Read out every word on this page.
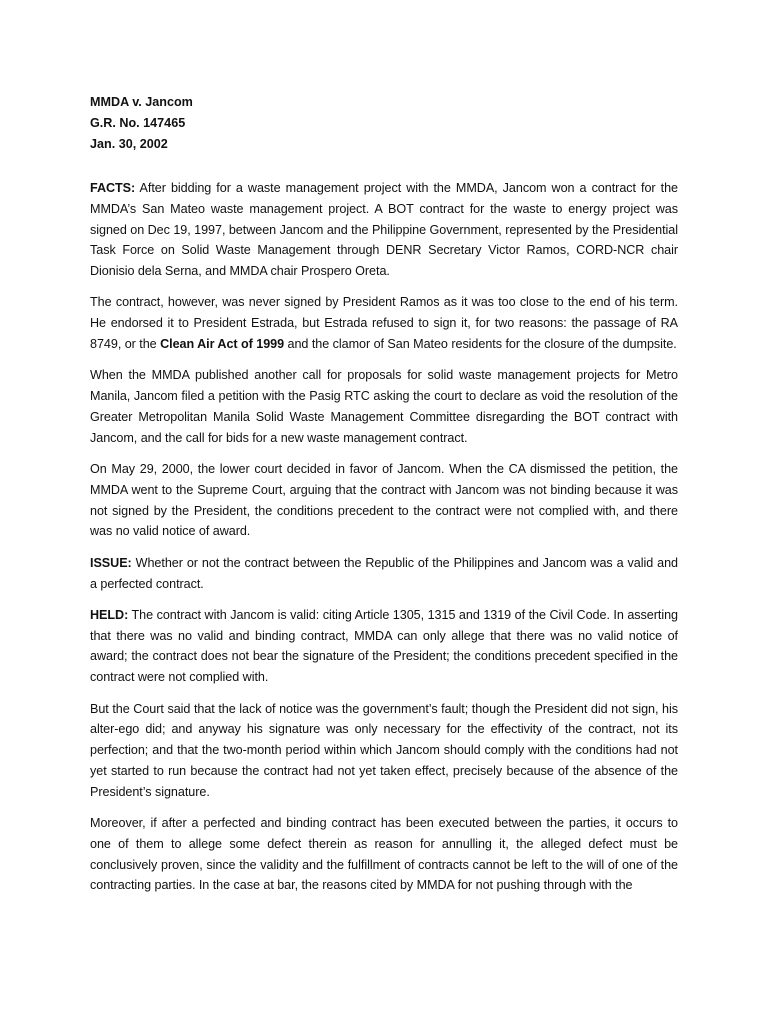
MMDA v. Jancom
G.R. No. 147465
Jan. 30, 2002

FACTS: After bidding for a waste management project with the MMDA, Jancom won a contract for the MMDA’s San Mateo waste management project. A BOT contract for the waste to energy project was signed on Dec 19, 1997, between Jancom and the Philippine Government, represented by the Presidential Task Force on Solid Waste Management through DENR Secretary Victor Ramos, CORD-NCR chair Dionisio dela Serna, and MMDA chair Prospero Oreta.

The contract, however, was never signed by President Ramos as it was too close to the end of his term. He endorsed it to President Estrada, but Estrada refused to sign it, for two reasons: the passage of RA 8749, or the Clean Air Act of 1999 and the clamor of San Mateo residents for the closure of the dumpsite.

When the MMDA published another call for proposals for solid waste management projects for Metro Manila, Jancom filed a petition with the Pasig RTC asking the court to declare as void the resolution of the Greater Metropolitan Manila Solid Waste Management Committee disregarding the BOT contract with Jancom, and the call for bids for a new waste management contract.

On May 29, 2000, the lower court decided in favor of Jancom. When the CA dismissed the petition, the MMDA went to the Supreme Court, arguing that the contract with Jancom was not binding because it was not signed by the President, the conditions precedent to the contract were not complied with, and there was no valid notice of award.

ISSUE: Whether or not the contract between the Republic of the Philippines and Jancom was a valid and a perfected contract.

HELD: The contract with Jancom is valid: citing Article 1305, 1315 and 1319 of the Civil Code. In asserting that there was no valid and binding contract, MMDA can only allege that there was no valid notice of award; the contract does not bear the signature of the President; the conditions precedent specified in the contract were not complied with.

But the Court said that the lack of notice was the government’s fault; though the President did not sign, his alter-ego did; and anyway his signature was only necessary for the effectivity of the contract, not its perfection; and that the two-month period within which Jancom should comply with the conditions had not yet started to run because the contract had not yet taken effect, precisely because of the absence of the President’s signature.

Moreover, if after a perfected and binding contract has been executed between the parties, it occurs to one of them to allege some defect therein as reason for annulling it, the alleged defect must be conclusively proven, since the validity and the fulfillment of contracts cannot be left to the will of one of the contracting parties. In the case at bar, the reasons cited by MMDA for not pushing through with the
